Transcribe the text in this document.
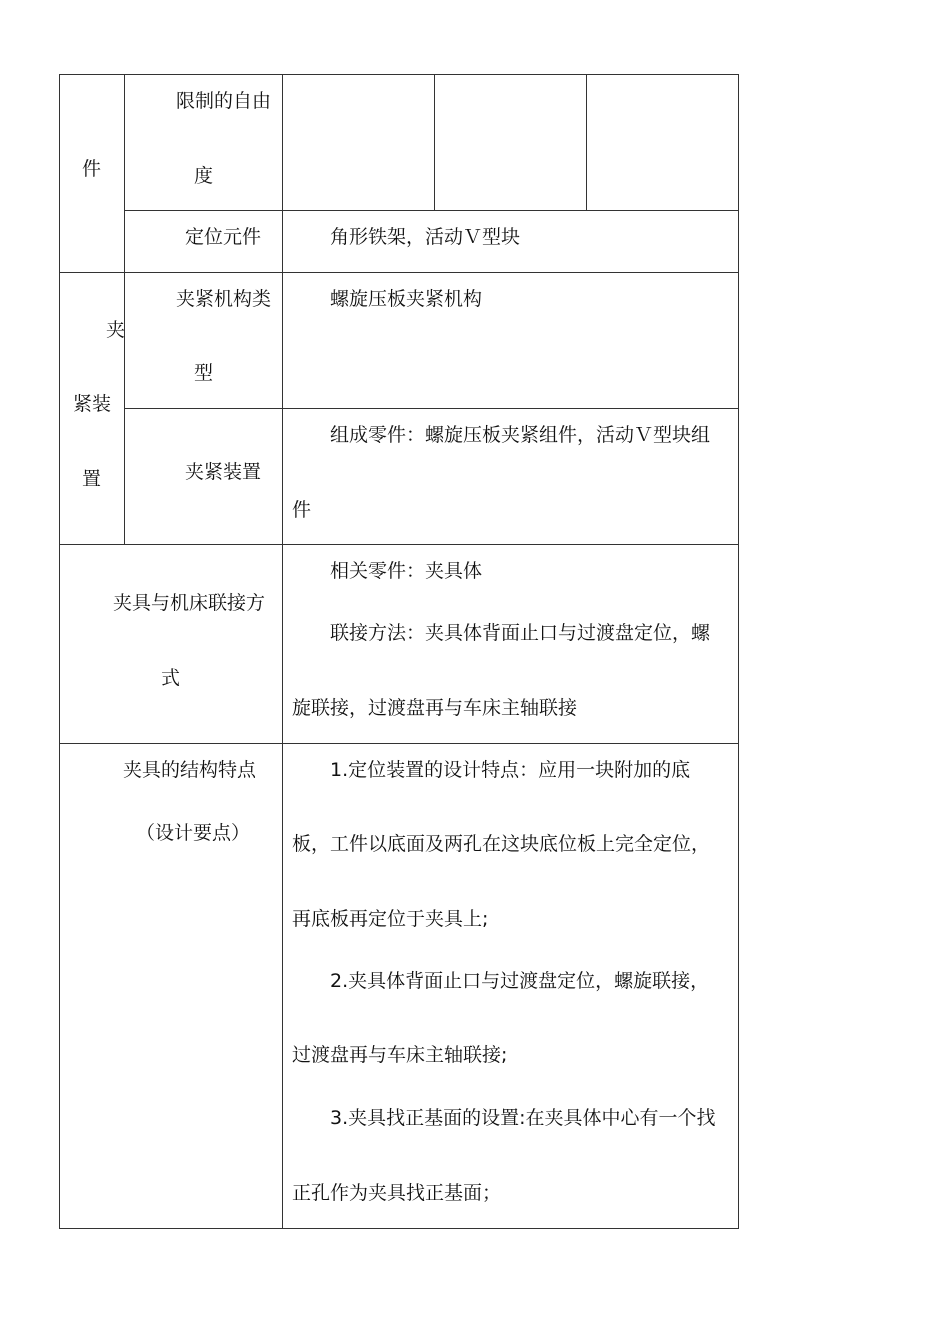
件
限制的自由
度
定位元件	角形铁架，活动Ｖ型块
夹
紧装
置
夹紧机构类
型
螺旋压板夹紧机构
夹紧装置
组成零件：螺旋压板夹紧组件，活动Ｖ型块组
件
夹具与机床联接方
式
相关零件：夹具体
联接方法：夹具体背面止口与过渡盘定位，螺
旋联接，过渡盘再与车床主轴联接
夹具的结构特点
（设计要点）
1.定位装置的设计特点：应用一块附加的底
板，工件以底面及两孔在这块底位板上完全定位，
再底板再定位于夹具上;
2.夹具体背面止口与过渡盘定位，螺旋联接，
过渡盘再与车床主轴联接;
3.夹具找正基面的设置:在夹具体中心有一个找
正孔作为夹具找正基面；
